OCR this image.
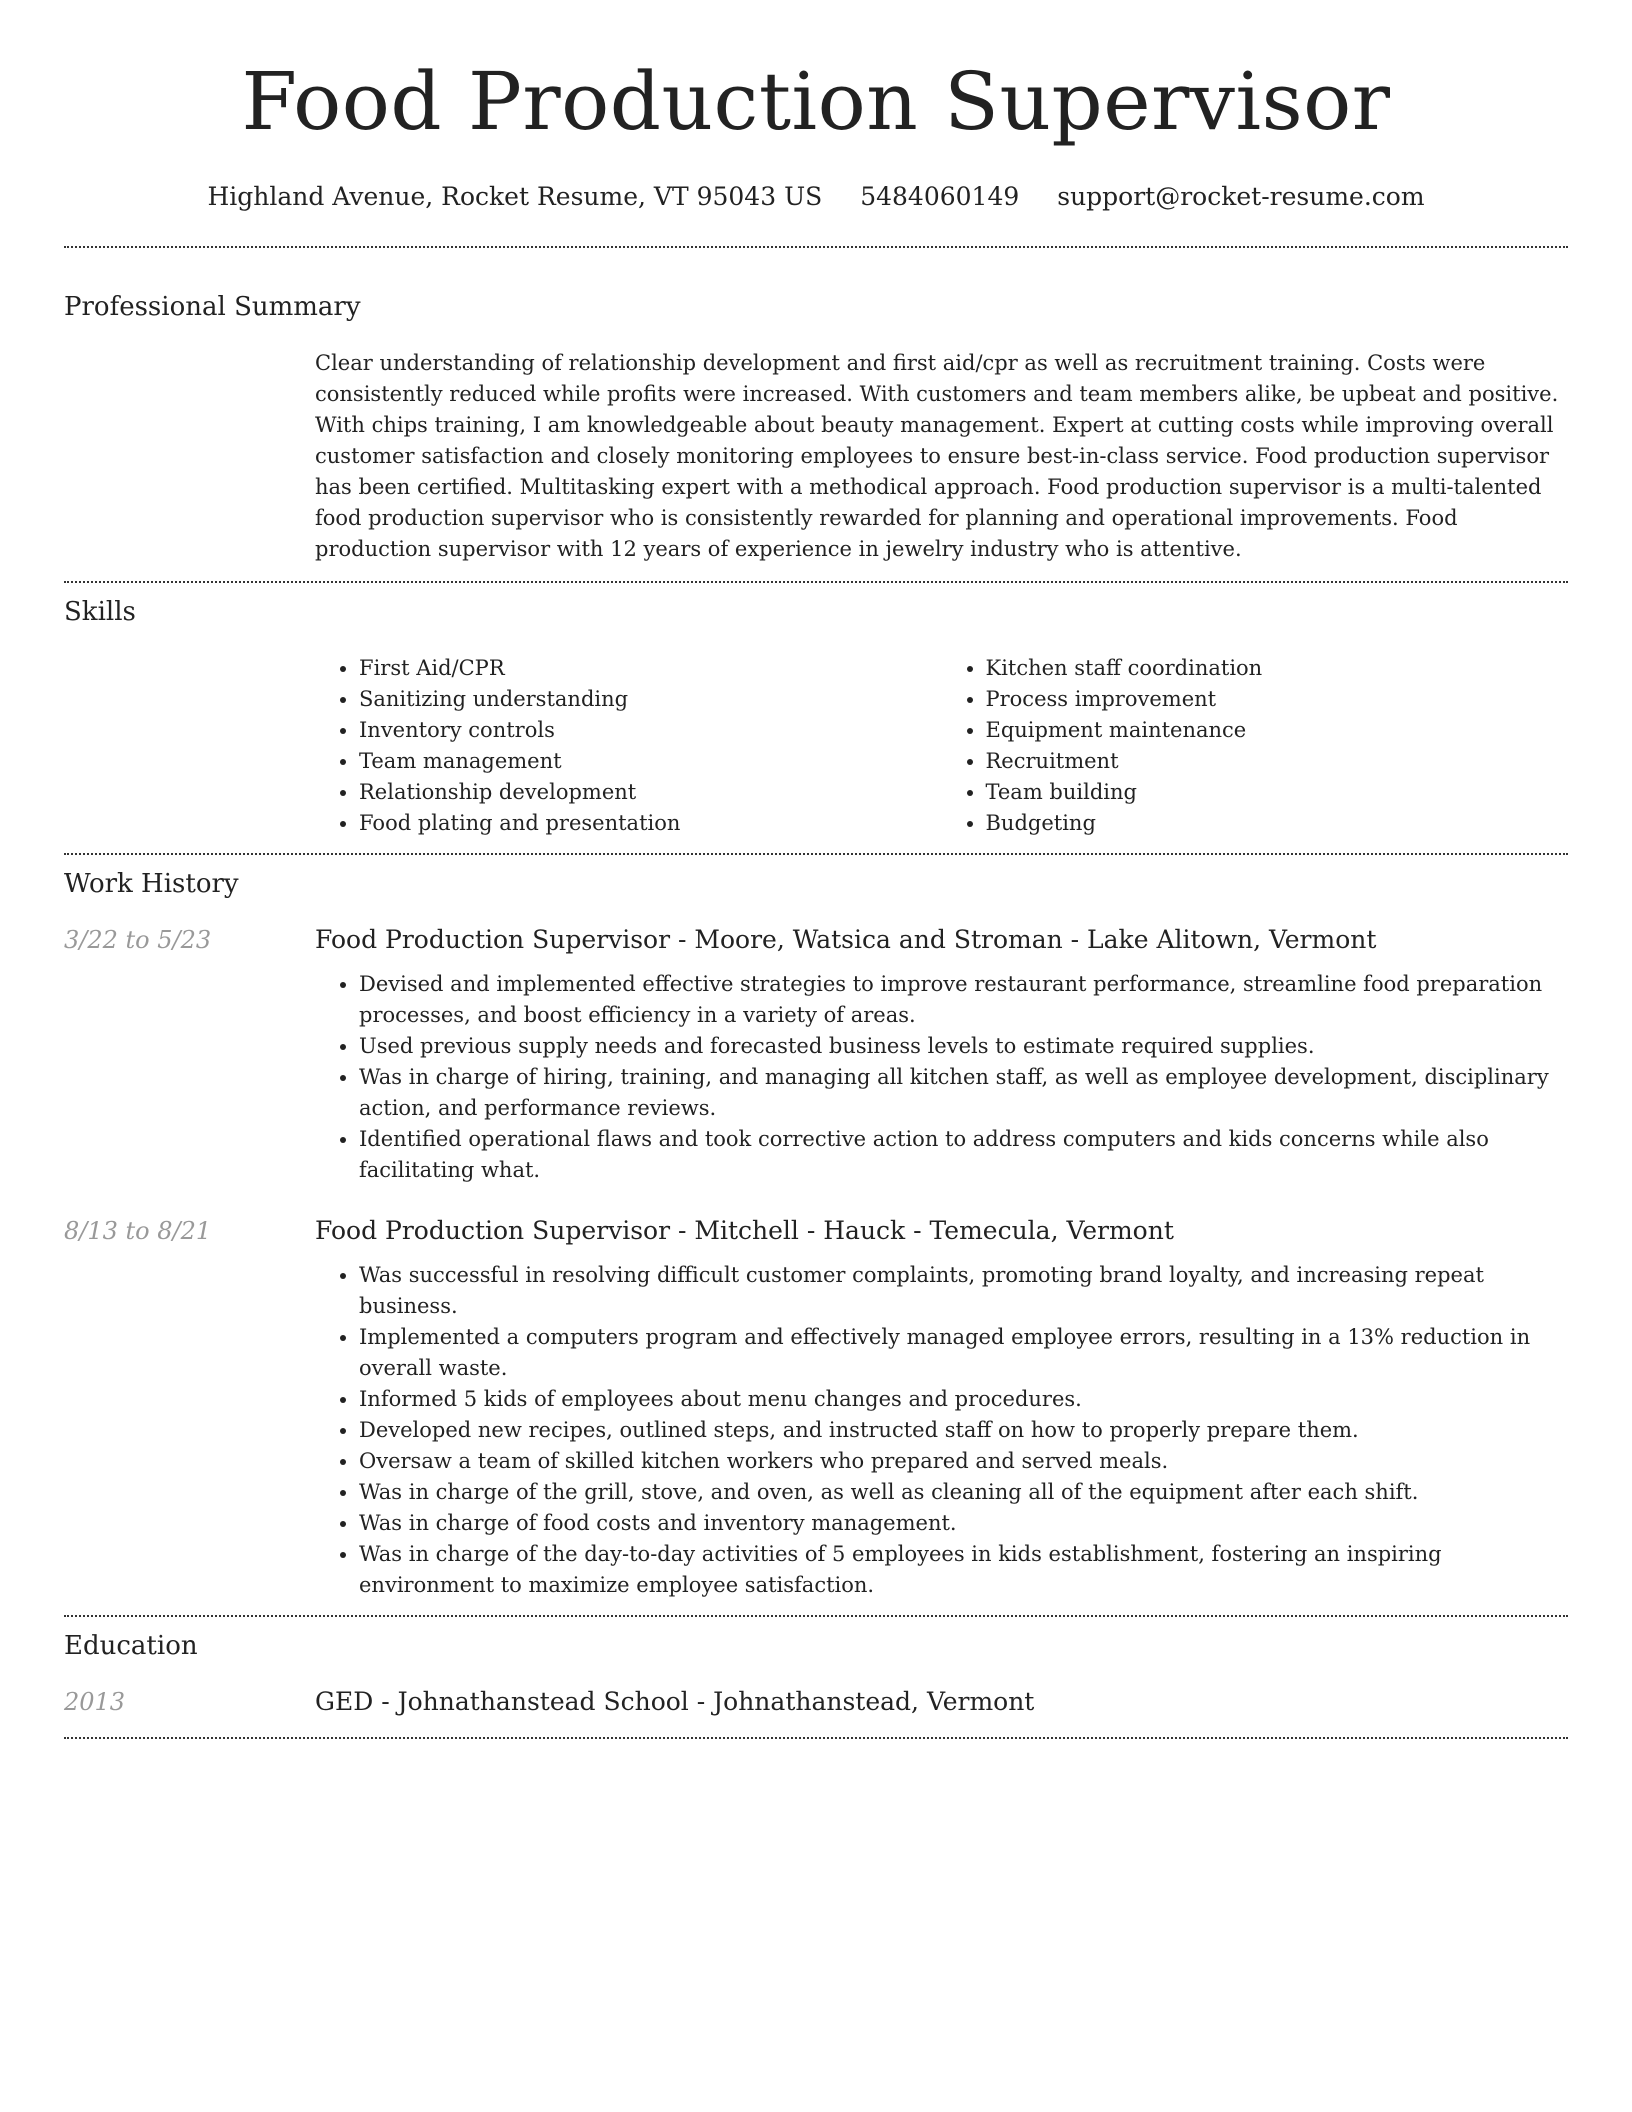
Food Production Supervisor
Highland Avenue, Rocket Resume, VT 95043 US 5484060149 support@rocket-resume.com
Professional Summary

Clear understanding of relationship development and first aid/cpr as well as recruitment training. Costs were consistently reduced while profits were increased. With customers and team members alike, be upbeat and positive. With chips training, I am knowledgeable about beauty management. Expert at cutting costs while improving overall customer satisfaction and closely monitoring employees to ensure best-in-class service. Food production supervisor has been certified. Multitasking expert with a methodical approach. Food production supervisor is a multi-talented food production supervisor who is consistently rewarded for planning and operational improvements. Food production supervisor with 12 years of experience in jewelry industry who is attentive.

Skills
• First Aid/CPR
• Sanitizing understanding
• Inventory controls
• Team management
• Relationship development
• Food plating and presentation
• Kitchen staff coordination
• Process improvement
• Equipment maintenance
• Recruitment
• Team building
• Budgeting
Work History
3/22 to 5/23	Food Production Supervisor - Moore, Watsica and Stroman - Lake Alitown, Vermont
• Devised and implemented effective strategies to improve restaurant performance, streamline food preparation processes, and boost efficiency in a variety of areas.
• Used previous supply needs and forecasted business levels to estimate required supplies.
• Was in charge of hiring, training, and managing all kitchen staff, as well as employee development, disciplinary action, and performance reviews.
• Identified operational flaws and took corrective action to address computers and kids concerns while also facilitating what.
8/13 to 8/21	Food Production Supervisor - Mitchell - Hauck - Temecula, Vermont
• Was successful in resolving difficult customer complaints, promoting brand loyalty, and increasing repeat business.
• Implemented a computers program and effectively managed employee errors, resulting in a 13% reduction in overall waste.
• Informed 5 kids of employees about menu changes and procedures.
• Developed new recipes, outlined steps, and instructed staff on how to properly prepare them.
• Oversaw a team of skilled kitchen workers who prepared and served meals.
• Was in charge of the grill, stove, and oven, as well as cleaning all of the equipment after each shift.
• Was in charge of food costs and inventory management.
• Was in charge of the day-to-day activities of 5 employees in kids establishment, fostering an inspiring environment to maximize employee satisfaction.
Education
2013	GED - Johnathanstead School - Johnathanstead, Vermont
